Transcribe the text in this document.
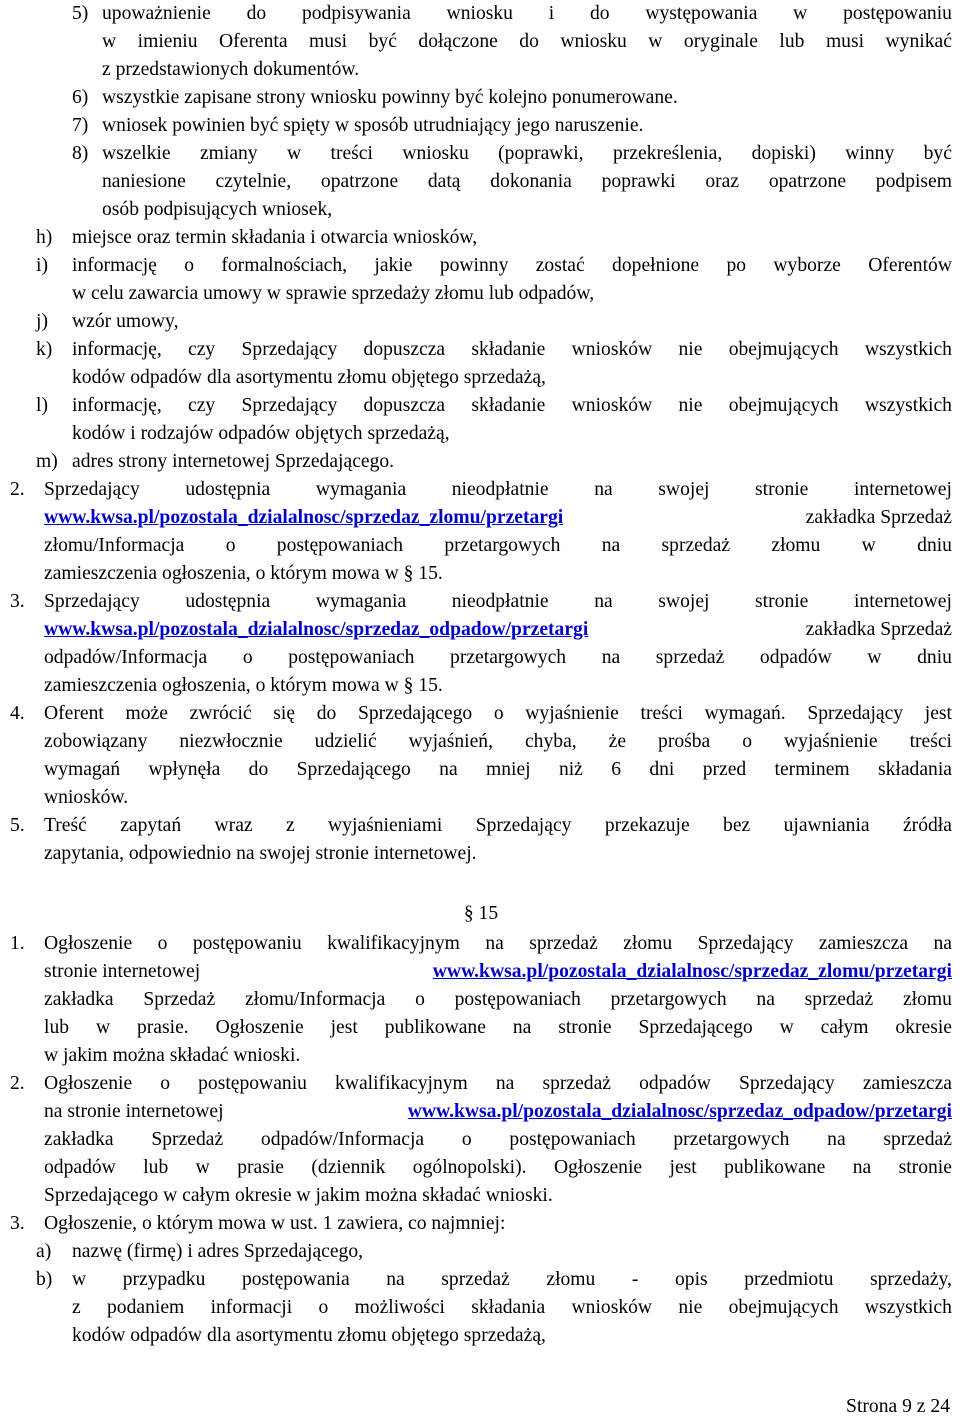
5) upoważnienie do podpisywania wniosku i do występowania w postępowaniu
w imieniu Oferenta musi być dołączone do wniosku w oryginale lub musi wynikać
z przedstawionych dokumentów.
6) wszystkie zapisane strony wniosku powinny być kolejno ponumerowane.
7) wniosek powinien być spięty w sposób utrudniający jego naruszenie.
8) wszelkie zmiany w treści wniosku (poprawki, przekreślenia, dopiski) winny być
naniesione czytelnie, opatrzone datą dokonania poprawki oraz opatrzone podpisem
osób podpisujących wniosek,
h) miejsce oraz termin składania i otwarcia wniosków,
i) informację o formalnościach, jakie powinny zostać dopełnione po wyborze Oferentów
w celu zawarcia umowy w sprawie sprzedaży złomu lub odpadów,
j) wzór umowy,
k) informację, czy Sprzedający dopuszcza składanie wniosków nie obejmujących wszystkich
kodów odpadów dla asortymentu złomu objętego sprzedażą,
l) informację, czy Sprzedający dopuszcza składanie wniosków nie obejmujących wszystkich
kodów i rodzajów odpadów objętych sprzedażą,
m) adres strony internetowej Sprzedającego.
2. Sprzedający udostępnia wymagania nieodpłatnie na swojej stronie internetowej
www.kwsa.pl/pozostala_dzialalnosc/sprzedaz_zlomu/przetargi	zakładka Sprzedaż
złomu/Informacja o postępowaniach przetargowych na sprzedaż złomu w dniu
zamieszczenia ogłoszenia, o którym mowa w § 15.
3. Sprzedający udostępnia wymagania nieodpłatnie na swojej stronie internetowej
www.kwsa.pl/pozostala_dzialalnosc/sprzedaz_odpadow/przetargi	zakładka Sprzedaż
odpadów/Informacja o postępowaniach przetargowych na sprzedaż odpadów w dniu
zamieszczenia ogłoszenia, o którym mowa w § 15.
4. Oferent może zwrócić się do Sprzedającego o wyjaśnienie treści wymagań. Sprzedający jest
zobowiązany niezwłocznie udzielić wyjaśnień, chyba, że prośba o wyjaśnienie treści
wymagań wpłynęła do Sprzedającego na mniej niż 6 dni przed terminem składania
wniosków.
5. Treść zapytań wraz z wyjaśnieniami Sprzedający przekazuje bez ujawniania źródła
zapytania, odpowiednio na swojej stronie internetowej.
§ 15
1. Ogłoszenie o postępowaniu kwalifikacyjnym na sprzedaż złomu Sprzedający zamieszcza na
stronie internetowej	www.kwsa.pl/pozostala_dzialalnosc/sprzedaz_zlomu/przetargi
zakładka Sprzedaż złomu/Informacja o postępowaniach przetargowych na sprzedaż złomu
lub w prasie. Ogłoszenie jest publikowane na stronie Sprzedającego w całym okresie
w jakim można składać wnioski.
2. Ogłoszenie o postępowaniu kwalifikacyjnym na sprzedaż odpadów Sprzedający zamieszcza
na stronie internetowej	www.kwsa.pl/pozostala_dzialalnosc/sprzedaz_odpadow/przetargi
zakładka Sprzedaż odpadów/Informacja o postępowaniach przetargowych na sprzedaż
odpadów lub w prasie (dziennik ogólnopolski). Ogłoszenie jest publikowane na stronie
Sprzedającego w całym okresie w jakim można składać wnioski.
3. Ogłoszenie, o którym mowa w ust. 1 zawiera, co najmniej:
a) nazwę (firmę) i adres Sprzedającego,
b) w przypadku postępowania na sprzedaż złomu - opis przedmiotu sprzedaży,
z podaniem informacji o możliwości składania wniosków nie obejmujących wszystkich
kodów odpadów dla asortymentu złomu objętego sprzedażą,
Strona 9 z 24
